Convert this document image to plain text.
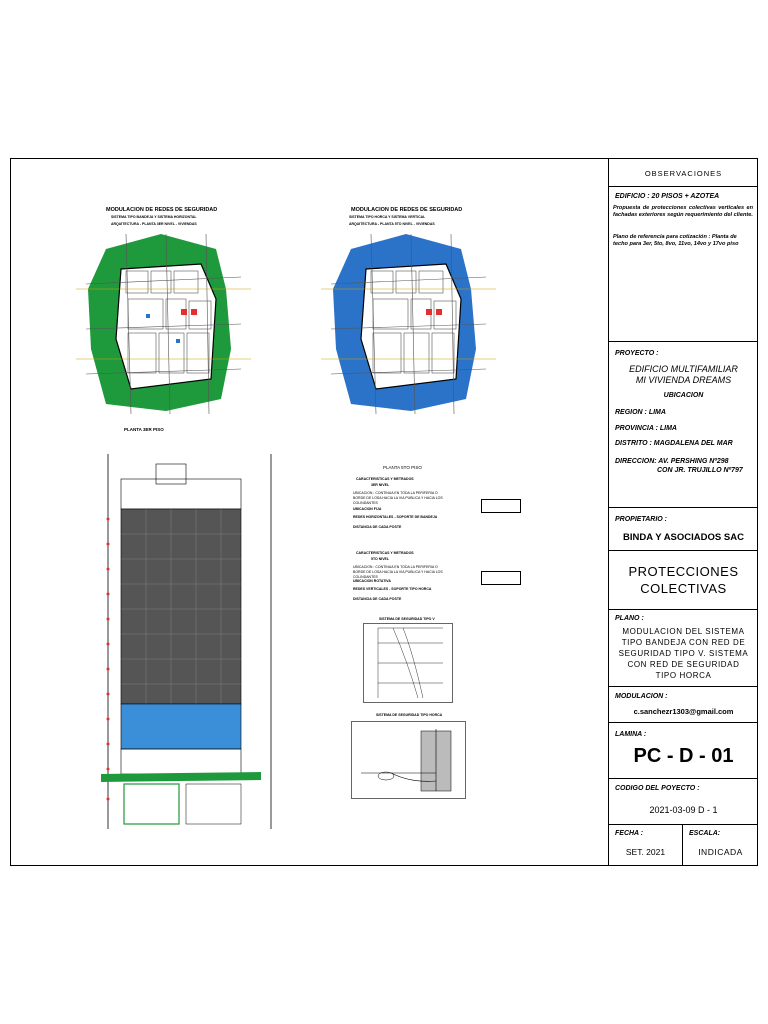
MODULACION DE REDES DE SEGURIDAD
SISTEMA TIPO BANDEJA Y SISTEMA HORIZONTAL
ARQUITECTURA - PLANTA 3ER NIVEL - VIVIENDAS
MODULACION DE REDES DE SEGURIDAD
SISTEMA TIPO HORCA Y SISTEMA VERTICAL
ARQUITECTURA - PLANTA 5TO NIVEL - VIVIENDAS
PLANTA 3ER PISO
PLANTA 5TO PISO
CARACTERISTICAS Y METRADOS
3ER NIVEL
UBICACION : CONTINUA EN TODA LA PERIFERIA O BORDE DE LOSA HACIA LA VIA PUBLICA Y HACIA LOS COLINDANTES
UBICACION FIJA
REDES HORIZONTALES - SOPORTE DE BANDEJA
DISTANCIA DE CADA POSTE
CARACTERISTICAS Y METRADOS
5TO NIVEL
UBICACION : CONTINUA EN TODA LA PERIFERIA O BORDE DE LOSA HACIA LA VIA PUBLICA Y HACIA LOS COLINDANTES
UBICACION ROTATIVA
REDES VERTICALES - SOPORTE TIPO HORCA
DISTANCIA DE CADA POSTE
SISTEMA DE SEGURIDAD TIPO V
SISTEMA DE SEGURIDAD TIPO HORCA
OBSERVACIONES
EDIFICIO : 20 PISOS + AZOTEA
Propuesta de protecciones colectivas verticales en fachadas exteriores según requerimiento del cliente.
Plano de referencia para cotización : Planta de techo para 3er, 5to, 8vo, 11vo, 14vo y 17vo piso
PROYECTO :
EDIFICIO MULTIFAMILIAR
MI VIVIENDA DREAMS
UBICACION
REGION : LIMA
PROVINCIA : LIMA
DISTRITO : MAGDALENA DEL MAR
DIRECCION: AV. PERSHING Nº298
CON JR. TRUJILLO Nº797
PROPIETARIO :
BINDA Y ASOCIADOS SAC
PROTECCIONES
COLECTIVAS
PLANO :
MODULACION DEL SISTEMA
TIPO BANDEJA CON RED DE
SEGURIDAD TIPO V. SISTEMA
CON RED DE SEGURIDAD
TIPO HORCA
MODULACION :
c.sanchezr1303@gmail.com
LAMINA :
PC - D - 01
CODIGO DEL POYECTO :
2021-03-09 D - 1
FECHA :
SET. 2021
ESCALA:
INDICADA
